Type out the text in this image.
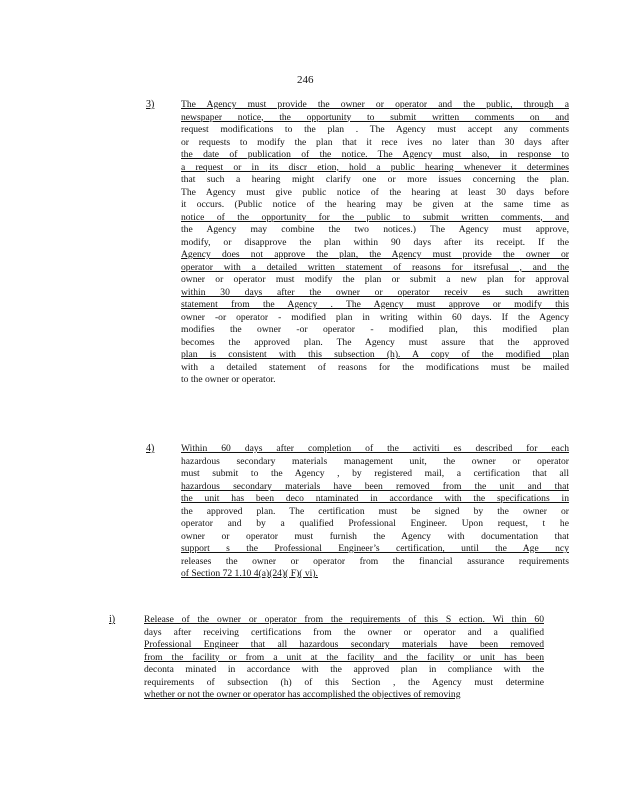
246
3)	The Agency must provide the owner or operator and the public, through a
newspaper notice, the opportunity to submit written comments on and
request modifications to the plan . The Agency must accept any comments
or requests to modify the plan that it rece ives no later than 30 days after
the date of publication of the notice. The Agency must also, in response to
a request or in its discr etion, hold a public hearing whenever it determines
that such a hearing might clarify one or more issues concerning the plan.
The Agency must give public notice of the hearing at least 30 days before
it occurs. (Public notice of the hearing may be given at the same time as
notice of the opportunity for the public to submit written comments, and
the Agency may combine the two notices.) The Agency must approve,
modify, or disapprove the plan within 90 days after its receipt. If the
Agency does not approve the plan, the Agency must provide the owner or
operator with a detailed written statement of reasons for itsrefusal , and the
owner or operator must modify the plan or submit a new plan for approval
within 30 days after the owner or operator receiv es such awritten
statement from the Agency . The Agency must approve or modify this
owner -or operator - modified plan in writing within 60 days. If the Agency
modifies the owner -or operator - modified plan, this modified plan
becomes the approved plan. The Agency must assure that the approved
plan is consistent with this subsection (h). A copy of the modified plan
with a detailed statement of reasons for the modifications must be mailed
to the owner or operator.
4)	Within 60 days after completion of the activiti es described for each
hazardous secondary materials management unit, the owner or operator
must submit to the Agency , by registered mail, a certification that all
hazardous secondary materials have been removed from the unit and that
the unit has been deco ntaminated in accordance with the specifications in
the approved plan. The certification must be signed by the owner or
operator and by a qualified Professional Engineer. Upon request, t he
owner or operator must furnish the Agency with documentation that
support s the Professional Engineer’s certification, until the Age ncy
releases the owner or operator from the financial assurance requirements
of Section 72 1.10 4(a)(24)( F)( vi).
i)	Release of the owner or operator from the requirements of this S ection. Wi thin 60
days after receiving certifications from the owner or operator and a qualified
Professional Engineer that all hazardous secondary materials have been removed
from the facility or from a unit at the facility and the facility or unit has been
deconta minated in accordance with the approved plan in compliance with the
requirements of subsection (h) of this Section , the Agency must determine
whether or not the owner or operator has accomplished the objectives of removing
